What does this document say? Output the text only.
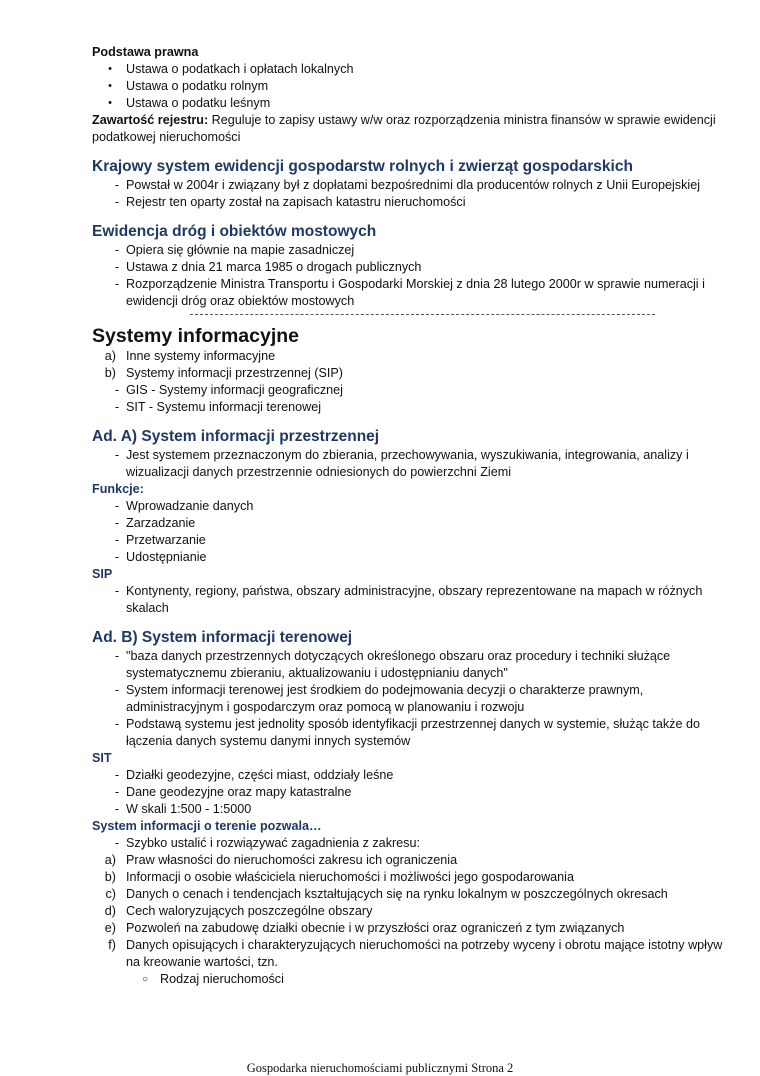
Podstawa prawna
•	Ustawa o podatkach i opłatach lokalnych
•	Ustawa o podatku rolnym
•	Ustawa o podatku leśnym
Zawartość rejestru: Reguluje to zapisy ustawy w/w oraz rozporządzenia ministra finansów w sprawie ewidencji podatkowej nieruchomości
Krajowy system ewidencji gospodarstw rolnych i zwierząt gospodarskich
- Powstał w 2004r i związany był z dopłatami bezpośrednimi dla producentów rolnych z Unii Europejskiej
- Rejestr ten oparty został na zapisach katastru nieruchomości
Ewidencja dróg i obiektów mostowych
- Opiera się głównie na mapie zasadniczej
- Ustawa z dnia 21 marca 1985 o drogach publicznych
- Rozporządzenie Ministra Transportu i Gospodarki Morskiej z dnia 28 lutego 2000r w sprawie numeracji i ewidencji dróg oraz obiektów mostowych
Systemy informacyjne
a) Inne systemy informacyjne
b) Systemy informacji przestrzennej (SIP)
- GIS - Systemy informacji geograficznej
- SIT - Systemu informacji terenowej
Ad. A) System informacji przestrzennej
- Jest systemem przeznaczonym do zbierania, przechowywania, wyszukiwania, integrowania, analizy i wizualizacji danych przestrzennie odniesionych do powierzchni Ziemi
Funkcje:
- Wprowadzanie danych
- Zarzadzanie
- Przetwarzanie
- Udostępnianie
SIP
- Kontynenty, regiony, państwa, obszary administracyjne, obszary reprezentowane na mapach w różnych skalach
Ad. B) System informacji terenowej
- "baza danych przestrzennych dotyczących określonego obszaru oraz procedury i techniki służące systematycznemu zbieraniu, aktualizowaniu i udostępnianiu danych"
- System informacji terenowej jest środkiem do podejmowania decyzji o charakterze prawnym, administracyjnym i gospodarczym oraz pomocą w planowaniu i rozwoju
- Podstawą systemu jest jednolity sposób identyfikacji przestrzennej danych w systemie, służąc także do łączenia danych systemu danymi innych systemów
SIT
- Działki geodezyjne, części miast, oddziały leśne
- Dane geodezyjne oraz mapy katastralne
- W skali 1:500 - 1:5000
System informacji o terenie pozwala…
- Szybko ustalić i rozwiązywać zagadnienia z zakresu:
a) Praw własności do nieruchomości zakresu ich ograniczenia
b) Informacji o osobie właściciela nieruchomości i możliwości jego gospodarowania
c) Danych o cenach i tendencjach kształtujących się na rynku lokalnym w poszczególnych okresach
d) Cech waloryzujących poszczególne obszary
e) Pozwoleń na zabudowę działki obecnie i w przyszłości oraz ograniczeń z tym związanych
f) Danych opisujących i charakteryzujących nieruchomości na potrzeby wyceny i obrotu mające istotny wpływ na kreowanie wartości, tzn.
○ Rodzaj nieruchomości
Gospodarka nieruchomościami publicznymi Strona 2
